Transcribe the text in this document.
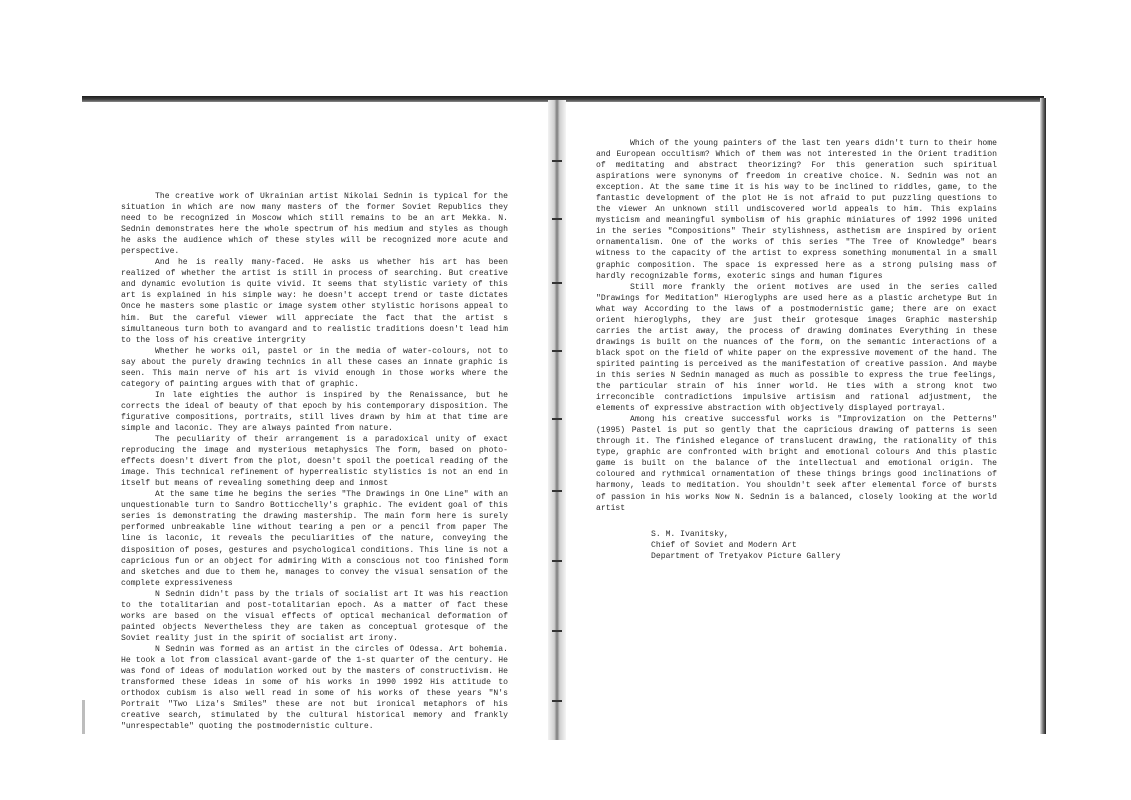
The creative work of Ukrainian artist Nikolai Sednin is typical for the situation in which are now many masters of the former Soviet Republics they need to be recognized in Moscow which still remains to be an art Mekka. N. Sednin demonstrates here the whole spectrum of his medium and styles as though he asks the audience which of these styles will be recognized more acute and perspective.

And he is really many-faced. He asks us whether his art has been realized of whether the artist is still in process of searching. But creative and dynamic evolution is quite vivid. It seems that stylistic variety of this art is explained in his simple way: he doesn't accept trend or taste dictates Once he masters some plastic or image system other stylistic horisons appeal to him. But the careful viewer will appreciate the fact that the artist s simultaneous turn both to avangard and to realistic traditions doesn't lead him to the loss of his creative intergrity

Whether he works oil, pastel or in the media of water-colours, not to say about the purely drawing technics in all these cases an innate graphic is seen. This main nerve of his art is vivid enough in those works where the category of painting argues with that of graphic.

In late eighties the author is inspired by the Renaissance, but he corrects the ideal of beauty of that epoch by his contemporary disposition. The figurative compositions, portraits, still lives drawn by him at that time are simple and laconic. They are always painted from nature.

The peculiarity of their arrangement is a paradoxical unity of exact reproducing the image and mysterious metaphysics The form, based on photo-effects doesn't divert from the plot, doesn't spoil the poetical reading of the image. This technical refinement of hyperrealistic stylistics is not an end in itself but means of revealing something deep and inmost

At the same time he begins the series "The Drawings in One Line" with an unquestionable turn to Sandro Botticchelly's graphic. The evident goal of this series is demonstrating the drawing mastership. The main form here is surely performed unbreakable line without tearing a pen or a pencil from paper The line is laconic, it reveals the peculiarities of the nature, conveying the disposition of poses, gestures and psychological conditions. This line is not a capricious fun or an object for admiring With a conscious not too finished form and sketches and due to them he, manages to convey the visual sensation of the complete expressiveness

N Sednin didn't pass by the trials of socialist art It was his reaction to the totalitarian and post-totalitarian epoch. As a matter of fact these works are based on the visual effects of optical mechanical deformation of painted objects Nevertheless they are taken as conceptual grotesque of the Soviet reality just in the spirit of socialist art irony.

N Sednin was formed as an artist in the circles of Odessa. Art bohemia. He took a lot from classical avant-garde of the 1-st quarter of the century. He was fond of ideas of modulation worked out by the masters of constructivism. He transformed these ideas in some of his works in 1990 1992 His attitude to orthodox cubism is also well read in some of his works of these years "N's Portrait "Two Liza's Smiles" these are not but ironical metaphors of his creative search, stimulated by the cultural historical memory and frankly "unrespectable" quoting the postmodernistic culture.

Which of the young painters of the last ten years didn't turn to their home and European occultism? Which of them was not interested in the Orient tradition of meditating and abstract theorizing? For this generation such spiritual aspirations were synonyms of freedom in creative choice. N. Sednin was not an exception. At the same time it is his way to be inclined to riddles, game, to the fantastic development of the plot He is not afraid to put puzzling questions to the viewer An unknown still undiscovered world appeals to him. This explains mysticism and meaningful symbolism of his graphic miniatures of 1992 1996 united in the series "Compositions" Their stylishness, asthetism are inspired by orient ornamentalism. One of the works of this series "The Tree of Knowledge" bears witness to the capacity of the artist to express something monumental in a small graphic composition. The space is expressed here as a strong pulsing mass of hardly recognizable forms, exoteric sings and human figures

Still more frankly the orient motives are used in the series called "Drawings for Meditation" Hieroglyphs are used here as a plastic archetype But in what way According to the laws of a postmodernistic game; there are on exact orient hieroglyphs, they are just their grotesque images Graphic mastership carries the artist away, the process of drawing dominates Everything in these drawings is built on the nuances of the form, on the semantic interactions of a black spot on the field of white paper on the expressive movement of the hand. The spirited painting is perceived as the manifestation of creative passion. And maybe in this series N Sednin managed as much as possible to express the true feelings, the particular strain of his inner world. He ties with a strong knot two irreconcible contradictions impulsive artisism and rational adjustment, the elements of expressive abstraction with objectively displayed portrayal.

Among his creative successful works is "Improvization on the Petterns" (1995) Pastel is put so gently that the capricious drawing of patterns is seen through it. The finished elegance of translucent drawing, the rationality of this type, graphic are confronted with bright and emotional colours And this plastic game is built on the balance of the intellectual and emotional origin. The coloured and rythmical ornamentation of these things brings good inclinations of harmony, leads to meditation. You shouldn't seek after elemental force of bursts of passion in his works Now N. Sednin is a balanced, closely looking at the world artist

S. M. Ivanitsky,
Chief of Soviet and Modern Art
Department of Tretyakov Picture Gallery
